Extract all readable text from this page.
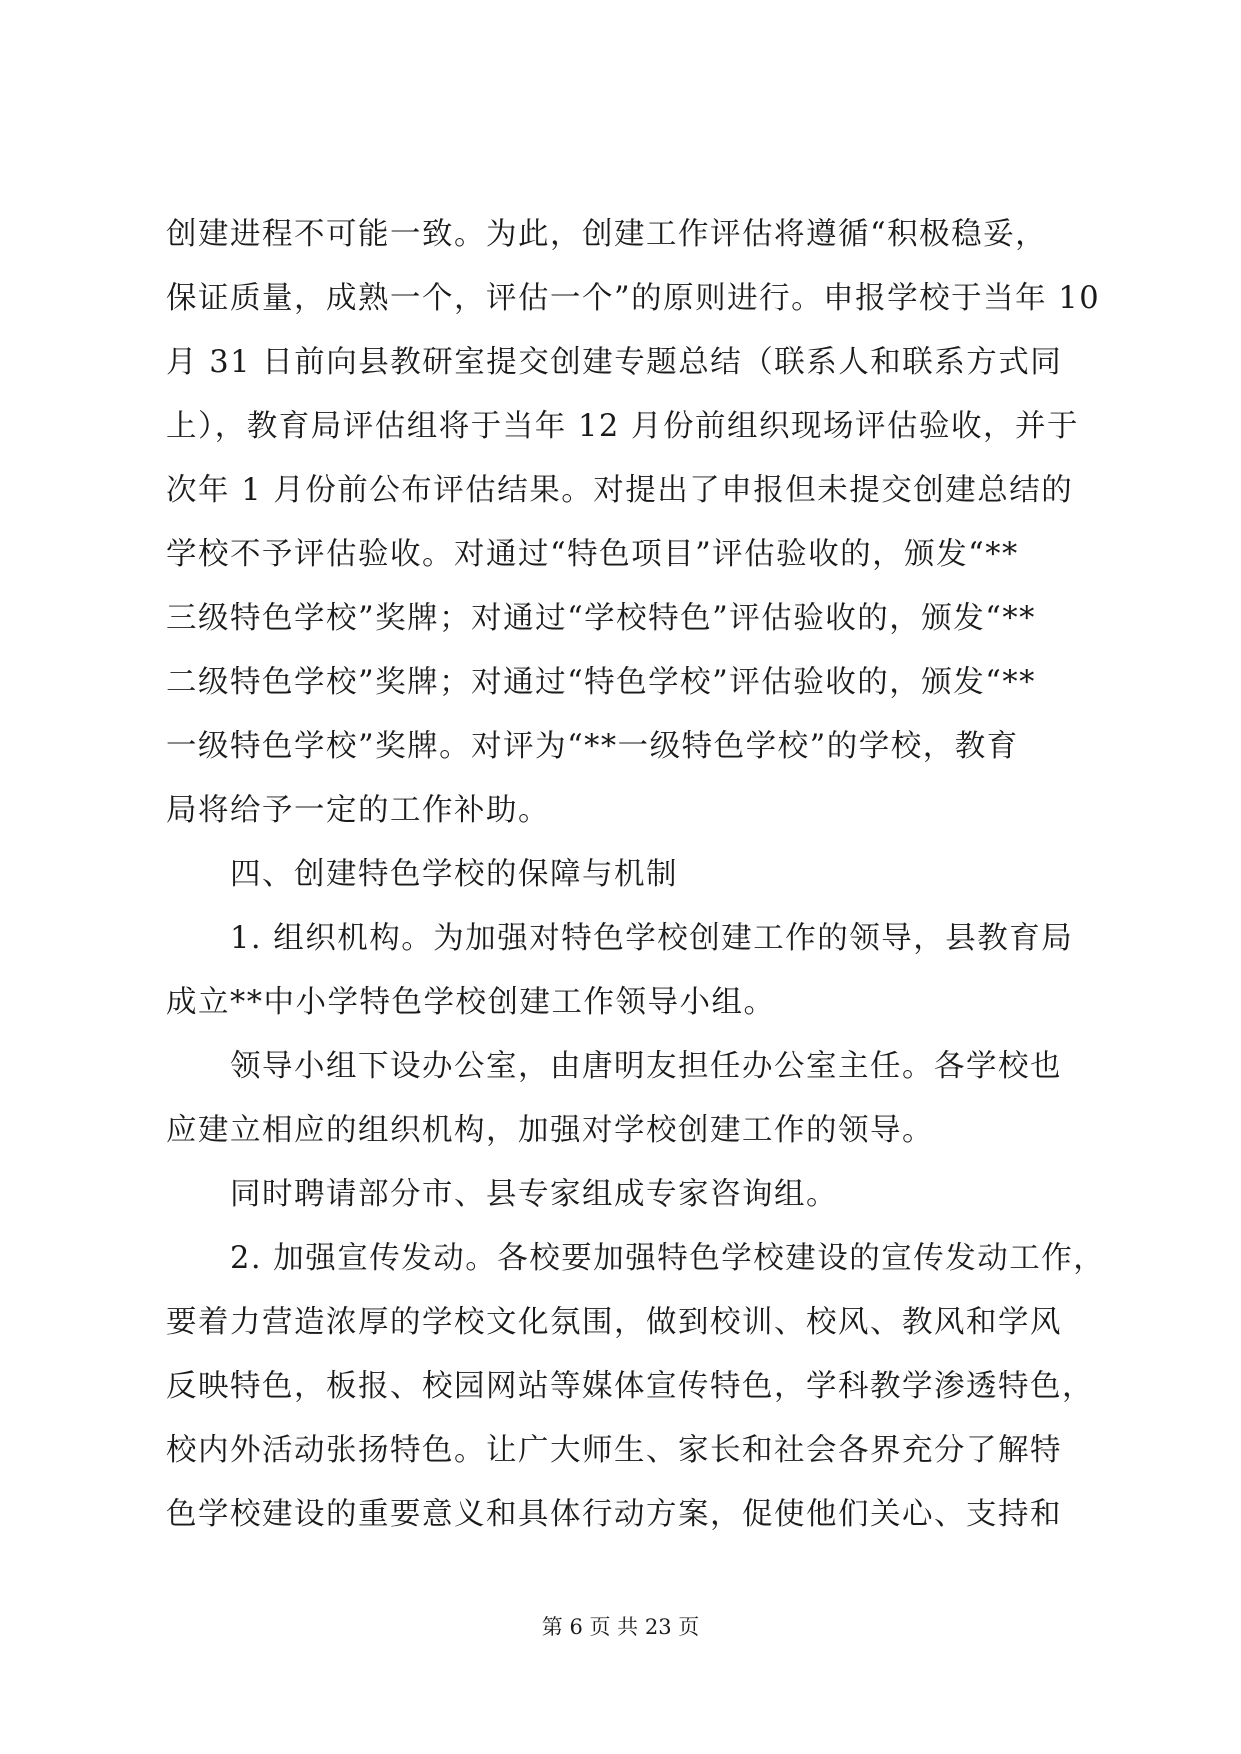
创建进程不可能一致。为此，创建工作评估将遵循“积极稳妥，
保证质量，成熟一个，评估一个”的原则进行。申报学校于当年 10
月 31 日前向县教研室提交创建专题总结（联系人和联系方式同
上），教育局评估组将于当年 12 月份前组织现场评估验收，并于
次年 1 月份前公布评估结果。对提出了申报但未提交创建总结的
学校不予评估验收。对通过“特色项目”评估验收的，颁发“**
三级特色学校”奖牌；对通过“学校特色”评估验收的，颁发“**
二级特色学校”奖牌；对通过“特色学校”评估验收的，颁发“**
一级特色学校”奖牌。对评为“**一级特色学校”的学校，教育
局将给予一定的工作补助。
四、创建特色学校的保障与机制
1. 组织机构。为加强对特色学校创建工作的领导，县教育局
成立**中小学特色学校创建工作领导小组。
领导小组下设办公室，由唐明友担任办公室主任。各学校也
应建立相应的组织机构，加强对学校创建工作的领导。
同时聘请部分市、县专家组成专家咨询组。
2. 加强宣传发动。各校要加强特色学校建设的宣传发动工作，
要着力营造浓厚的学校文化氛围，做到校训、校风、教风和学风
反映特色，板报、校园网站等媒体宣传特色，学科教学渗透特色，
校内外活动张扬特色。让广大师生、家长和社会各界充分了解特
色学校建设的重要意义和具体行动方案，促使他们关心、支持和
第 6 页 共 23 页
